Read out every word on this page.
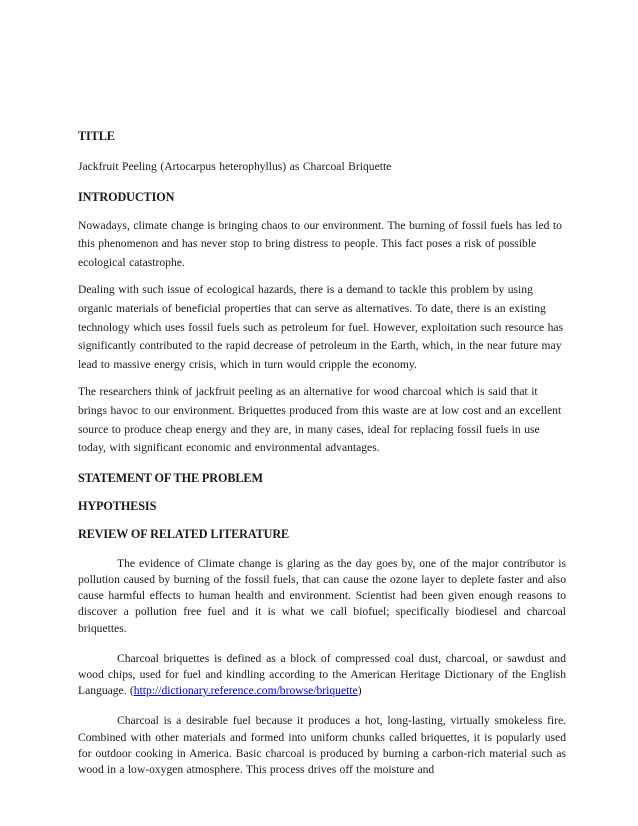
TITLE

Jackfruit Peeling (Artocarpus heterophyllus) as Charcoal Briquette

INTRODUCTION

Nowadays, climate change is bringing chaos to our environment. The burning of fossil fuels has led to this phenomenon and has never stop to bring distress to people. This fact poses a risk of possible ecological catastrophe.

Dealing with such issue of ecological hazards, there is a demand to tackle this problem by using organic materials of beneficial properties that can serve as alternatives. To date, there is an existing technology which uses fossil fuels such as petroleum for fuel. However, exploitation such resource has significantly contributed to the rapid decrease of petroleum in the Earth, which, in the near future may lead to massive energy crisis, which in turn would cripple the economy.

The researchers think of jackfruit peeling as an alternative for wood charcoal which is said that it brings havoc to our environment. Briquettes produced from this waste are at low cost and an excellent source to produce cheap energy and they are, in many cases, ideal for replacing fossil fuels in use today, with significant economic and environmental advantages.

STATEMENT OF THE PROBLEM

HYPOTHESIS

REVIEW OF RELATED LITERATURE

The evidence of Climate change is glaring as the day goes by, one of the major contributor is pollution caused by burning of the fossil fuels, that can cause the ozone layer to deplete faster and also cause harmful effects to human health and environment. Scientist had been given enough reasons to discover a pollution free fuel and it is what we call biofuel; specifically biodiesel and charcoal briquettes.

Charcoal briquettes is defined as a block of compressed coal dust, charcoal, or sawdust and wood chips, used for fuel and kindling according to the American Heritage Dictionary of the English Language. (http://dictionary.reference.com/browse/briquette)

Charcoal is a desirable fuel because it produces a hot, long-lasting, virtually smokeless fire. Combined with other materials and formed into uniform chunks called briquettes, it is popularly used for outdoor cooking in America. Basic charcoal is produced by burning a carbon-rich material such as wood in a low-oxygen atmosphere. This process drives off the moisture and
